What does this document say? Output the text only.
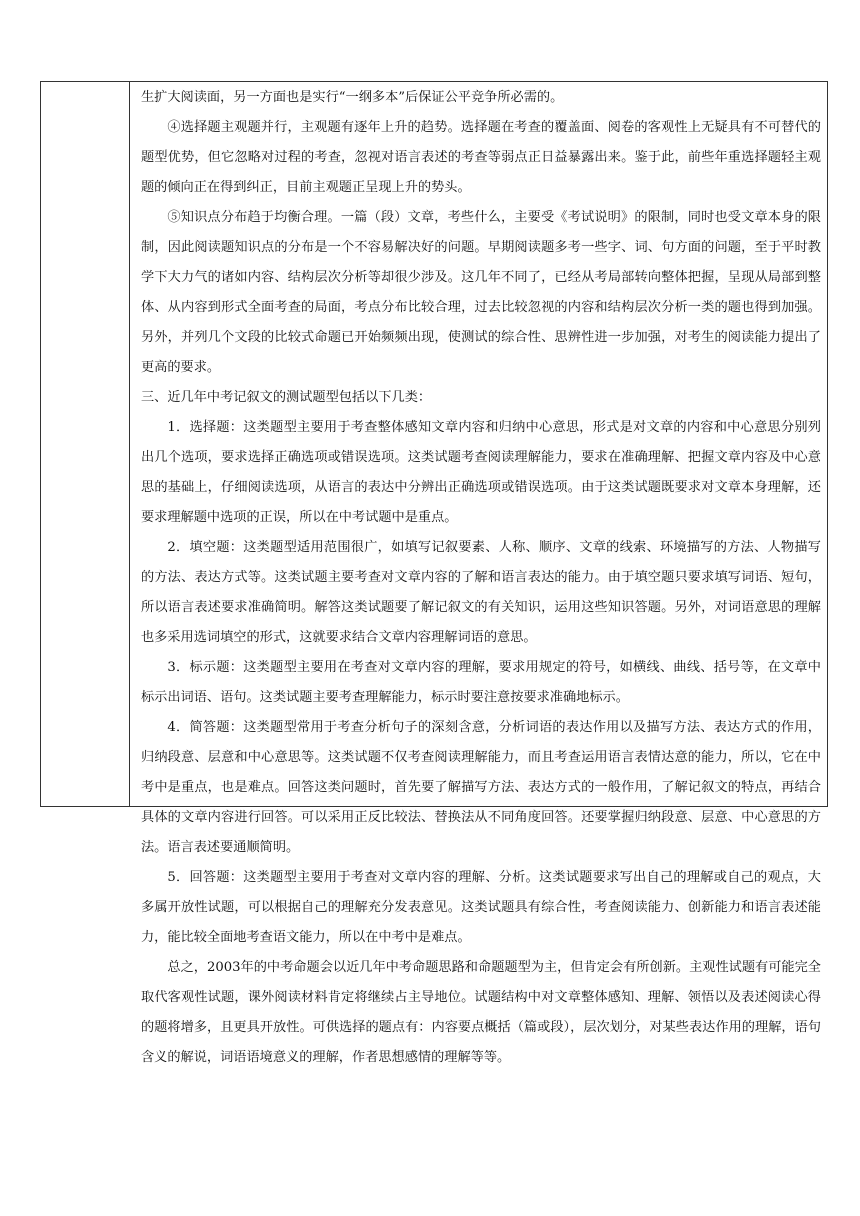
生扩大阅读面，另一方面也是实行“一纲多本”后保证公平竞争所必需的。

④选择题主观题并行，主观题有逐年上升的趋势。选择题在考查的覆盖面、阅卷的客观性上无疑具有不可替代的题型优势，但它忽略对过程的考查，忽视对语言表述的考查等弱点正日益暴露出来。鉴于此，前些年重选择题轻主观题的倾向正在得到纠正，目前主观题正呈现上升的势头。

⑤知识点分布趋于均衡合理。一篇（段）文章，考些什么，主要受《考试说明》的限制，同时也受文章本身的限制，因此阅读题知识点的分布是一个不容易解决好的问题。早期阅读题多考一些字、词、句方面的问题，至于平时教学下大力气的诸如内容、结构层次分析等却很少涉及。这几年不同了，已经从考局部转向整体把握，呈现从局部到整体、从内容到形式全面考查的局面，考点分布比较合理，过去比较忽视的内容和结构层次分析一类的题也得到加强。另外，并列几个文段的比较式命题已开始频频出现，使测试的综合性、思辨性进一步加强，对考生的阅读能力提出了更高的要求。

三、近几年中考记叙文的测试题型包括以下几类：

1．选择题：这类题型主要用于考查整体感知文章内容和归纳中心意思，形式是对文章的内容和中心意思分别列出几个选项，要求选择正确选项或错误选项。这类试题考查阅读理解能力，要求在准确理解、把握文章内容及中心意思的基础上，仔细阅读选项，从语言的表达中分辨出正确选项或错误选项。由于这类试题既要求对文章本身理解，还要求理解题中选项的正误，所以在中考试题中是重点。

2．填空题：这类题型适用范围很广，如填写记叙要素、人称、顺序、文章的线索、环境描写的方法、人物描写的方法、表达方式等。这类试题主要考查对文章内容的了解和语言表达的能力。由于填空题只要求填写词语、短句，所以语言表述要求准确简明。解答这类试题要了解记叙文的有关知识，运用这些知识答题。另外，对词语意思的理解也多采用选词填空的形式，这就要求结合文章内容理解词语的意思。

3．标示题：这类题型主要用在考查对文章内容的理解，要求用规定的符号，如横线、曲线、括号等，在文章中标示出词语、语句。这类试题主要考查理解能力，标示时要注意按要求准确地标示。

4．简答题：这类题型常用于考查分析句子的深刻含意，分析词语的表达作用以及描写方法、表达方式的作用，归纳段意、层意和中心意思等。这类试题不仅考查阅读理解能力，而且考查运用语言表情达意的能力，所以，它在中考中是重点，也是难点。回答这类问题时，首先要了解描写方法、表达方式的一般作用，了解记叙文的特点，再结合具体的文章内容进行回答。可以采用正反比较法、替换法从不同角度回答。还要掌握归纳段意、层意、中心意思的方法。语言表述要通顺简明。

5．回答题：这类题型主要用于考查对文章内容的理解、分析。这类试题要求写出自己的理解或自己的观点，大多属开放性试题，可以根据自己的理解充分发表意见。这类试题具有综合性，考查阅读能力、创新能力和语言表述能力，能比较全面地考查语文能力，所以在中考中是难点。

总之，2003年的中考命题会以近几年中考命题思路和命题题型为主，但肯定会有所创新。主观性试题有可能完全取代客观性试题，课外阅读材料肯定将继续占主导地位。试题结构中对文章整体感知、理解、领悟以及表述阅读心得的题将增多，且更具开放性。可供选择的题点有：内容要点概括（篇或段），层次划分，对某些表达作用的理解，语句含义的解说，词语语境意义的理解，作者思想感情的理解等等。
